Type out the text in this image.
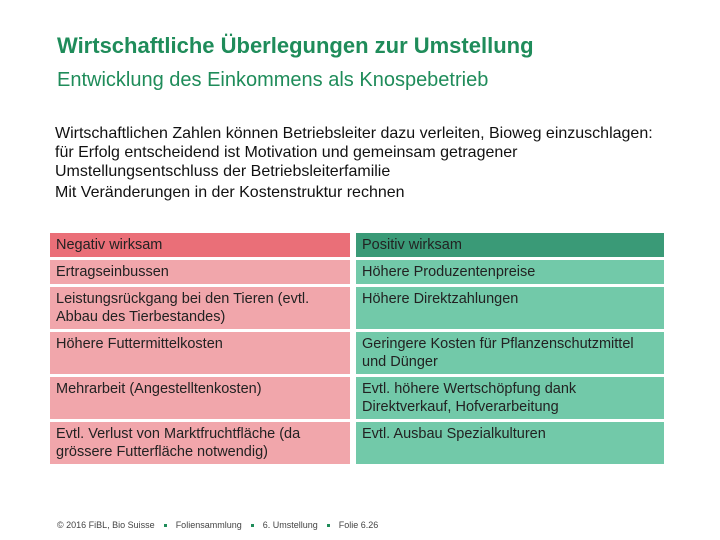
Wirtschaftliche Überlegungen zur Umstellung
Entwicklung des Einkommens als Knospebetrieb

Wirtschaftlichen Zahlen können Betriebsleiter dazu verleiten, Bioweg einzuschlagen: für Erfolg entscheidend ist Motivation und gemeinsam getragener Umstellungsentschluss der Betriebsleiterfamilie

Mit Veränderungen in der Kostenstruktur rechnen

Negativ wirksam	Positiv wirksam
Ertragseinbussen	Höhere Produzentenpreise
Leistungsrückgang bei den Tieren (evtl. Abbau des Tierbestandes)	Höhere Direktzahlungen
Höhere Futtermittelkosten	Geringere Kosten für Pflanzenschutzmittel und Dünger
Mehrarbeit (Angestelltenkosten)	Evtl. höhere Wertschöpfung dank Direktverkauf, Hofverarbeitung
Evtl. Verlust von Marktfruchtfläche (da grössere Futterfläche notwendig)	Evtl. Ausbau Spezialkulturen
© 2016 FiBL, Bio Suisse Foliensammlung 6. Umstellung Folie 6.26
